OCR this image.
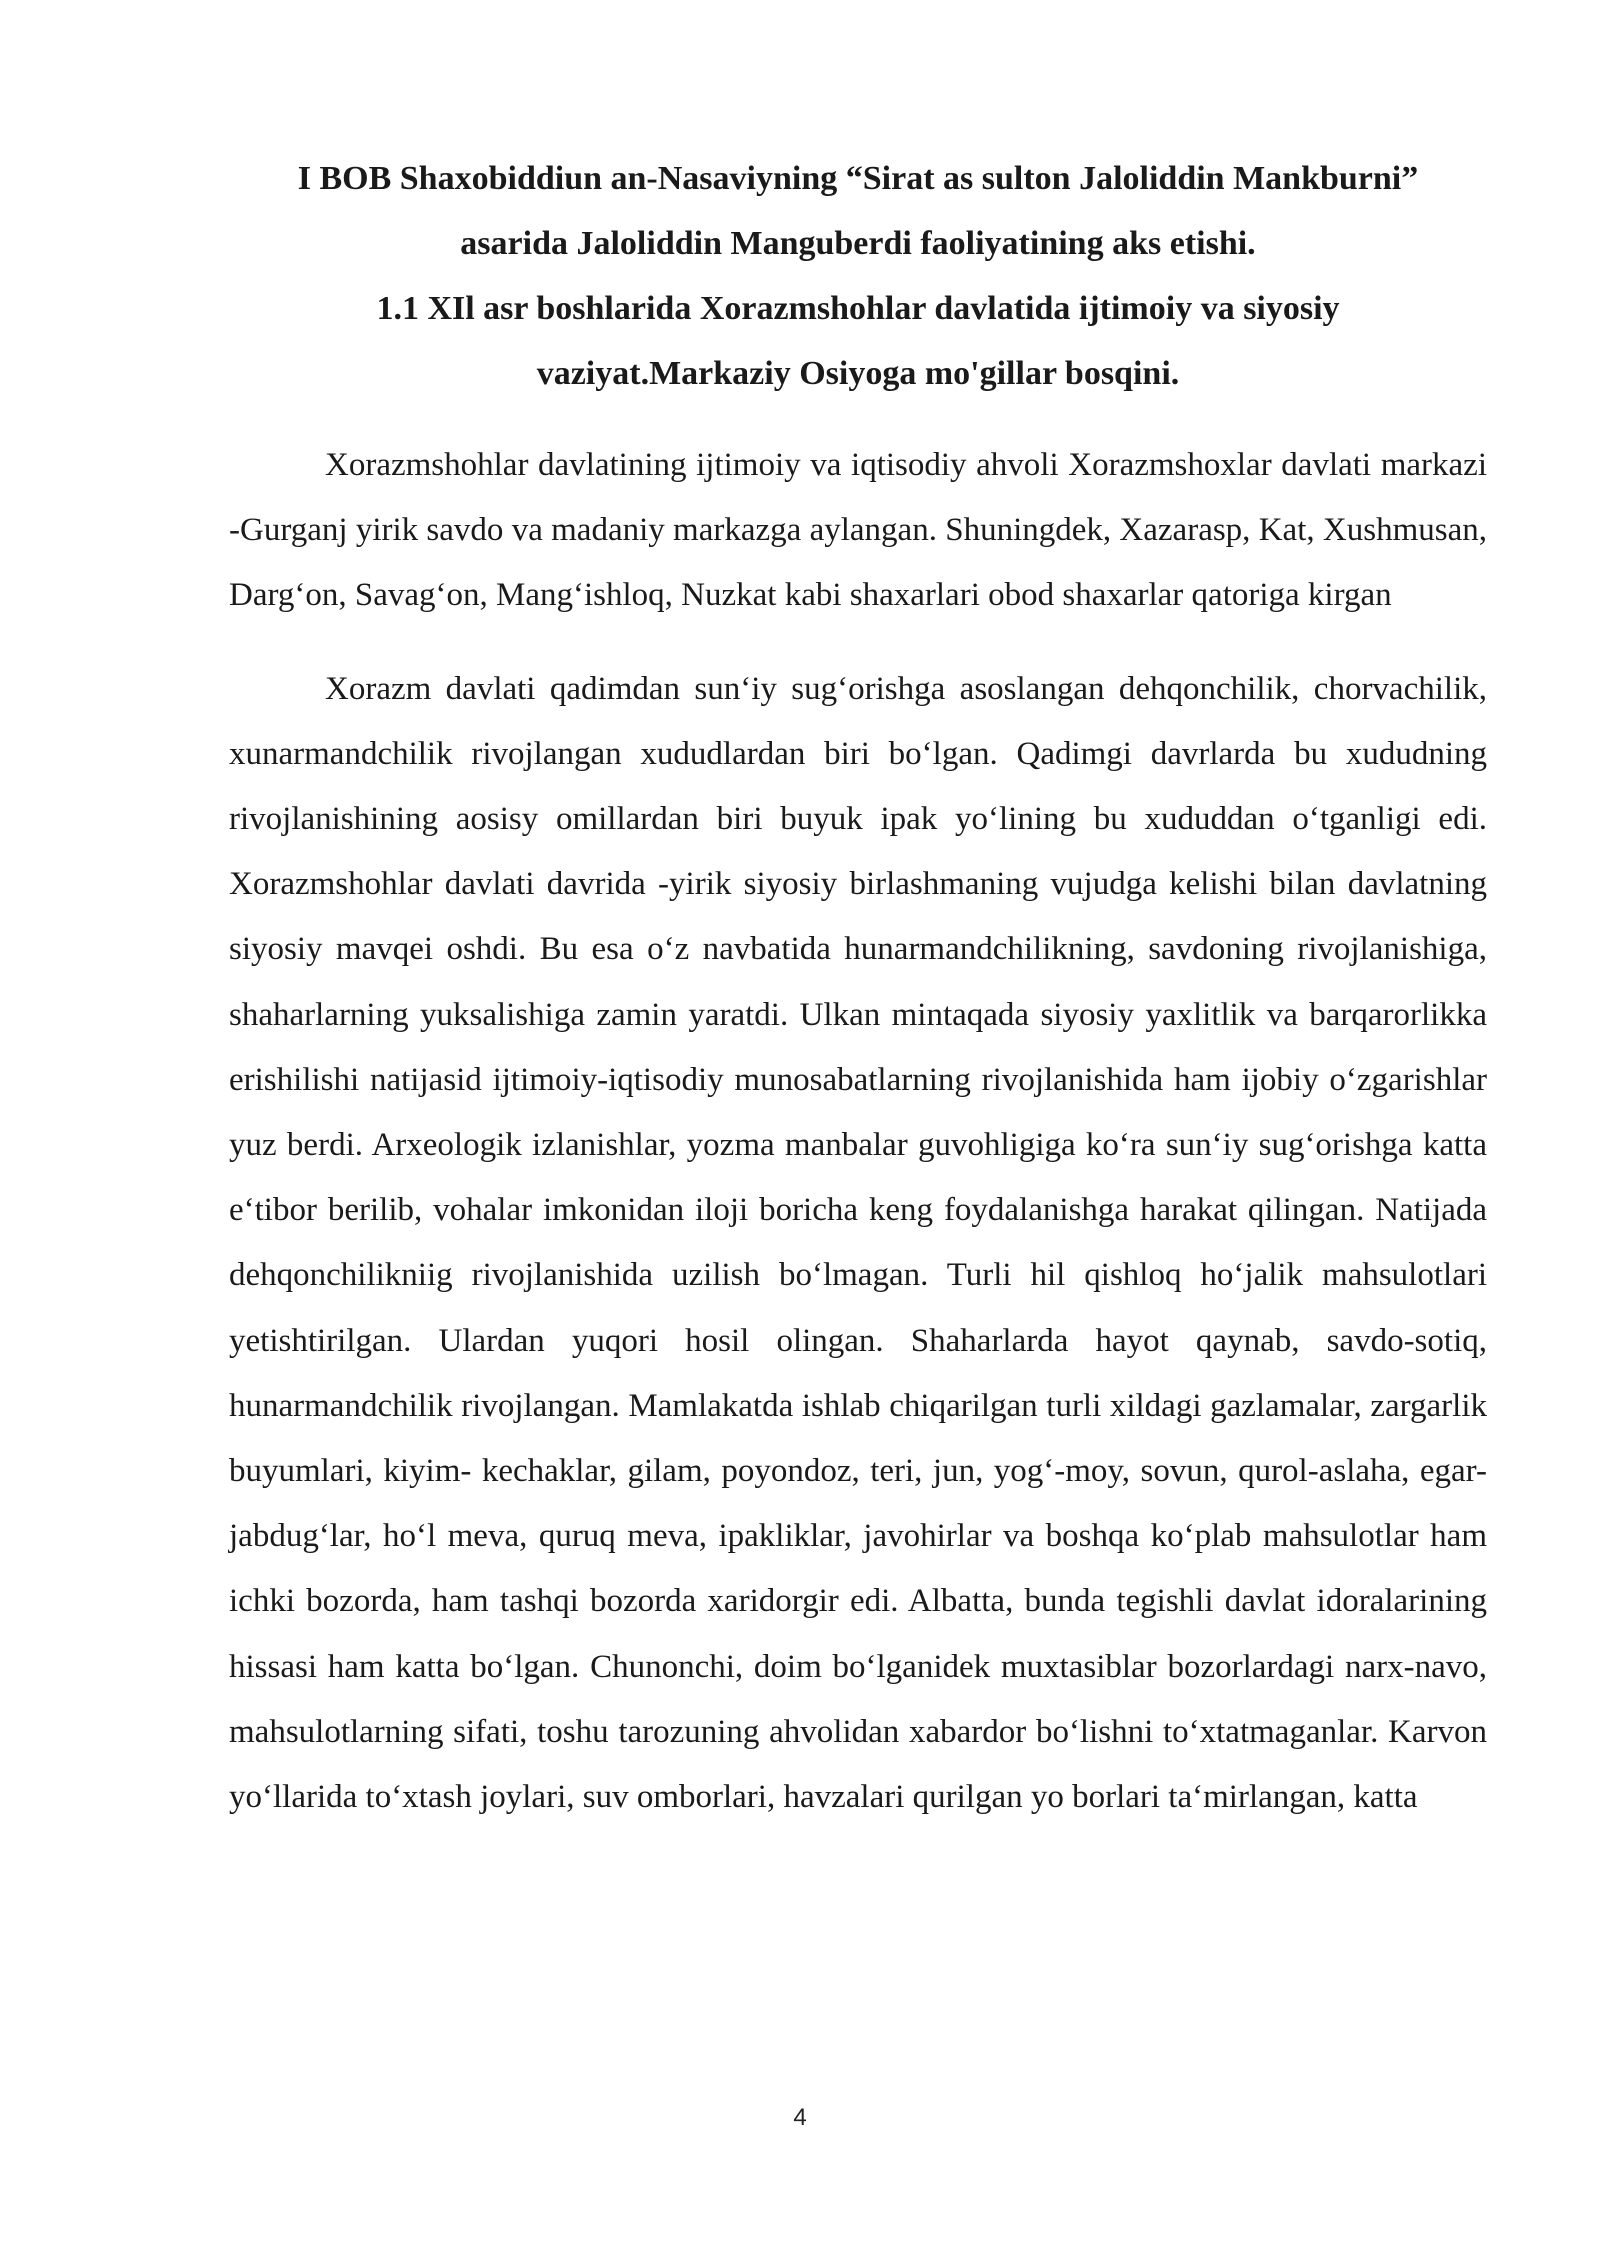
I BOB Shaxobiddiun an-Nasaviyning “Sirat as sulton Jaloliddin Mankburni”
asarida Jaloliddin Manguberdi faoliyatining aks etishi.
1.1 XIl asr boshlarida Xorazmshohlar davlatida ijtimoiy va siyosiy
vaziyat.Markaziy Osiyoga mo'gillar bosqini.

Xorazmshohlar davlatining ijtimoiy va iqtisodiy ahvoli Xorazmshoxlar davlati markazi -Gurganj yirik savdo va madaniy markazga aylangan. Shuningdek, Xazarasp, Kat, Xushmusan, Darg‘on, Savag‘on, Mang‘ishloq, Nuzkat kabi shaxarlari obod shaxarlar qatoriga kirgan

Xorazm davlati qadimdan sun‘iy sug‘orishga asoslangan dehqonchilik, chorvachilik, xunarmandchilik rivojlangan xududlardan biri bo‘lgan. Qadimgi davrlarda bu xududning rivojlanishining aosisy omillardan biri buyuk ipak yo‘lining bu xududdan o‘tganligi edi. Xorazmshohlar davlati davrida -yirik siyosiy birlashmaning vujudga kelishi bilan davlatning siyosiy mavqei oshdi. Bu esa o‘z navbatida hunarmandchilikning, savdoning rivojlanishiga, shaharlarning yuksalishiga zamin yaratdi. Ulkan mintaqada siyosiy yaxlitlik va barqarorlikka erishilishi natijasid ijtimoiy-iqtisodiy munosabatlarning rivojlanishida ham ijobiy o‘zgarishlar yuz berdi. Arxeologik izlanishlar, yozma manbalar guvohligiga ko‘ra sun‘iy sug‘orishga katta e‘tibor berilib, vohalar imkonidan iloji boricha keng foydalanishga harakat qilingan. Natijada dehqonchilikniig rivojlanishida uzilish bo‘lmagan. Turli hil qishloq ho‘jalik mahsulotlari yetishtirilgan. Ulardan yuqori hosil olingan. Shaharlarda hayot qaynab, savdo-sotiq, hunarmandchilik rivojlangan. Mamlakatda ishlab chiqarilgan turli xildagi gazlamalar, zargarlik buyumlari, kiyim- kechaklar, gilam, poyondoz, teri, jun, yog‘-moy, sovun, qurol-aslaha, egar-jabdug‘lar, ho‘l meva, quruq meva, ipakliklar, javohirlar va boshqa ko‘plab mahsulotlar ham ichki bozorda, ham tashqi bozorda xaridorgir edi. Albatta, bunda tegishli davlat idoralarining hissasi ham katta bo‘lgan. Chunonchi, doim bo‘lganidek muxtasiblar bozorlardagi narx-navo, mahsulotlarning sifati, toshu tarozuning ahvolidan xabardor bo‘lishni to‘xtatmaganlar. Karvon yo‘llarida to‘xtash joylari, suv omborlari, havzalari qurilgan yo borlari ta‘mirlangan, katta

4
